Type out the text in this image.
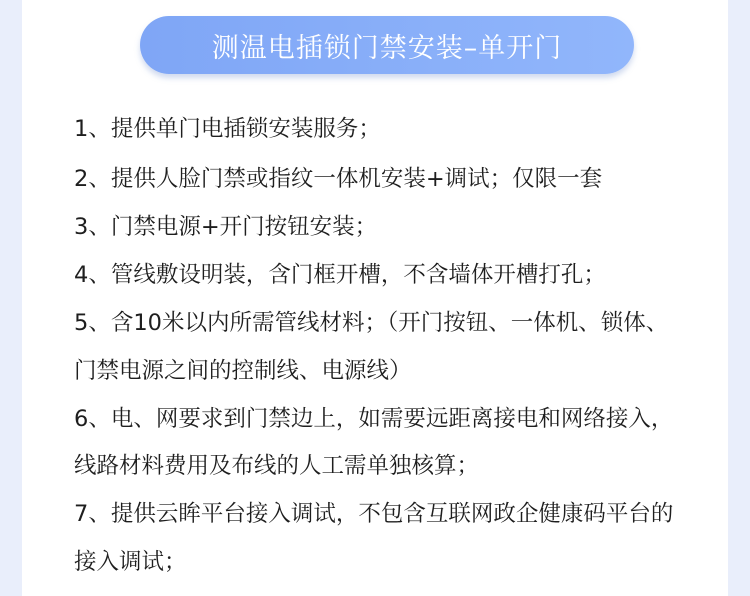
测温电插锁门禁安装–单开门
1、提供单门电插锁安装服务；
2、提供人脸门禁或指纹一体机安装+调试；仅限一套
3、门禁电源+开门按钮安装；
4、管线敷设明装，含门框开槽，不含墙体开槽打孔；
5、含10米以内所需管线材料；（开门按钮、一体机、锁体、
门禁电源之间的控制线、电源线）
6、电、网要求到门禁边上，如需要远距离接电和网络接入，
线路材料费用及布线的人工需单独核算；
7、提供云眸平台接入调试，不包含互联网政企健康码平台的
接入调试；
